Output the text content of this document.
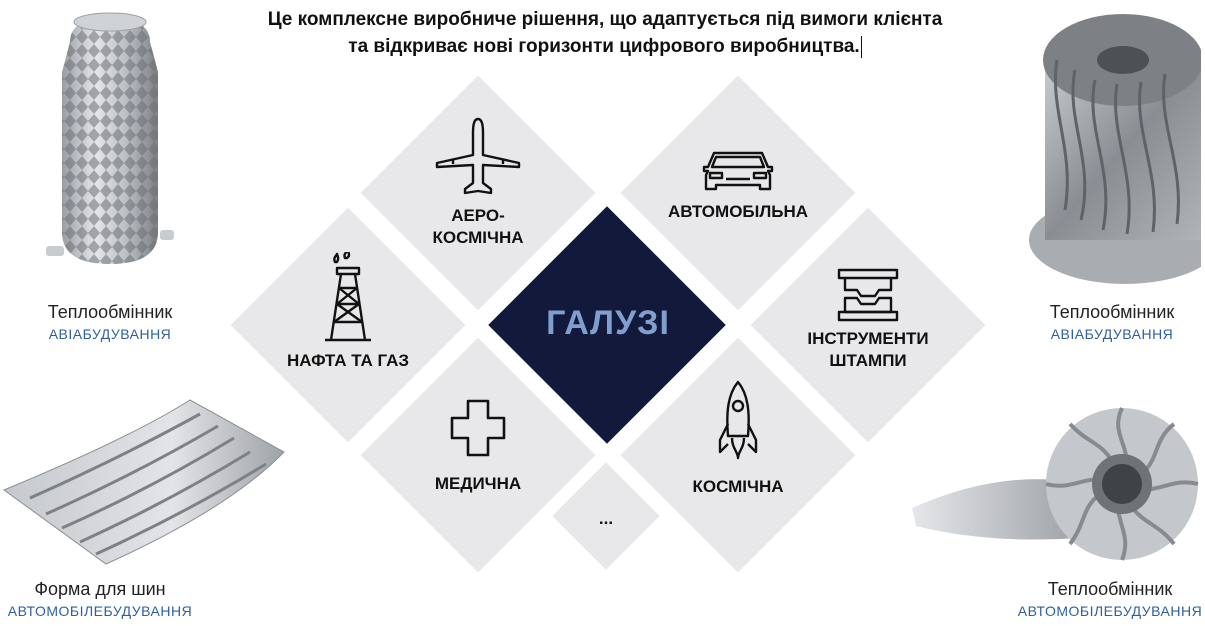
Це комплексне виробниче рішення, що адаптується під вимоги клієнта
та відкриває нові горизонти цифрового виробництва.
ГАЛУЗІ
АЕРО-
КОСМІЧНА
АВТОМОБІЛЬНА
НАФТА ТА ГАЗ
ІНСТРУМЕНТИ
ШТАМПИ
МЕДИЧНА	КОСМІЧНА
...
Теплообмінник
АВІАБУДУВАННЯ
Теплообмінник
АВІАБУДУВАННЯ
Форма для шин
АВТОМОБІЛЕБУДУВАННЯ
Теплообмінник
АВТОМОБІЛЕБУДУВАННЯ
